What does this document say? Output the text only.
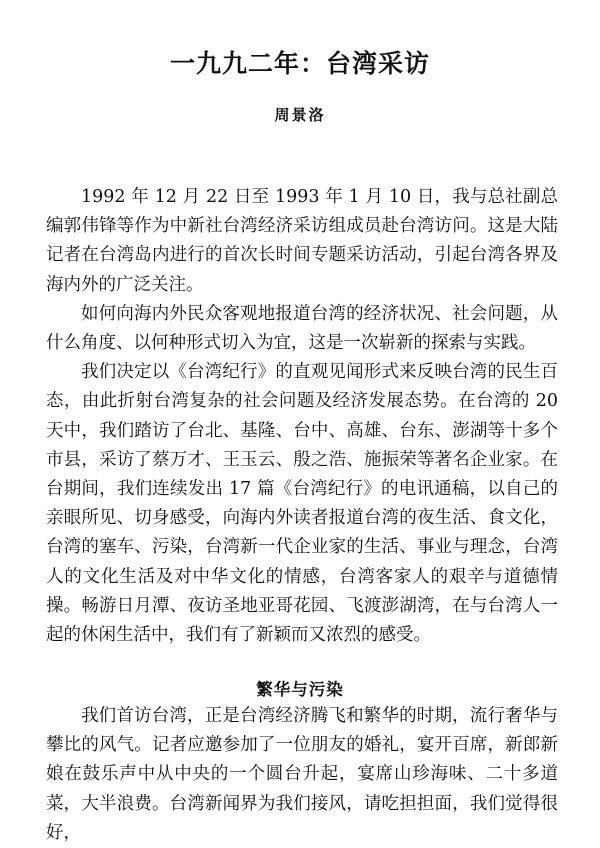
一九九二年：台湾采访
周景洛

1992 年 12 月 22 日至 1993 年 1 月 10 日，我与总社副总编郭伟锋等作为中新社台湾经济采访组成员赴台湾访问。这是大陆记者在台湾岛内进行的首次长时间专题采访活动，引起台湾各界及海内外的广泛关注。

如何向海内外民众客观地报道台湾的经济状况、社会问题，从什么角度、以何种形式切入为宜，这是一次崭新的探索与实践。

我们决定以《台湾纪行》的直观见闻形式来反映台湾的民生百态，由此折射台湾复杂的社会问题及经济发展态势。在台湾的 20 天中，我们踏访了台北、基隆、台中、高雄、台东、澎湖等十多个市县，采访了蔡万才、王玉云、殷之浩、施振荣等著名企业家。在台期间，我们连续发出 17 篇《台湾纪行》的电讯通稿，以自己的亲眼所见、切身感受，向海内外读者报道台湾的夜生活、食文化，台湾的塞车、污染，台湾新一代企业家的生活、事业与理念，台湾人的文化生活及对中华文化的情感，台湾客家人的艰辛与道德情操。畅游日月潭、夜访圣地亚哥花园、飞渡澎湖湾，在与台湾人一起的休闲生活中，我们有了新颖而又浓烈的感受。

繁华与污染

我们首访台湾，正是台湾经济腾飞和繁华的时期，流行奢华与攀比的风气。记者应邀参加了一位朋友的婚礼，宴开百席，新郎新娘在鼓乐声中从中央的一个圆台升起，宴席山珍海味、二十多道菜，大半浪费。台湾新闻界为我们接风，请吃担担面，我们觉得很好，
